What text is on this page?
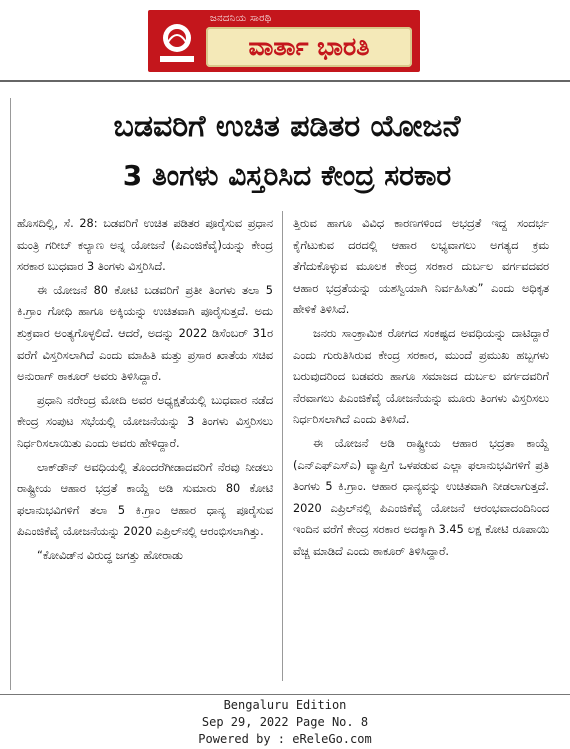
ಜನದನಿಯ ಸಾರಥಿ
ವಾರ್ತಾ ಭಾರತಿ
ಬಡವರಿಗೆ ಉಚಿತ ಪಡಿತರ ಯೋಜನೆ
3 ತಿಂಗಳು ವಿಸ್ತರಿಸಿದ ಕೇಂದ್ರ ಸರಕಾರ

ಹೊಸದಿಲ್ಲಿ, ಸೆ. 28: ಬಡವರಿಗೆ ಉಚಿತ ಪಡಿತರ ಪೂರೈಸುವ ಪ್ರಧಾನ ಮಂತ್ರಿ ಗರೀಬ್ ಕಲ್ಯಾಣ ಅನ್ನ ಯೋಜನೆ (ಪಿಎಂಜಿಕೆವೈ)ಯನ್ನು ಕೇಂದ್ರ ಸರಕಾರ ಬುಧವಾರ 3 ತಿಂಗಳು ವಿಸ್ತರಿಸಿದೆ.

ಈ ಯೋಜನೆ 80 ಕೋಟಿ ಬಡವರಿಗೆ ಪ್ರತೀ ತಿಂಗಳು ತಲಾ 5 ಕಿ.ಗ್ರಾಂ ಗೋಧಿ ಹಾಗೂ ಅಕ್ಕಿಯನ್ನು ಉಚಿತವಾಗಿ ಪೂರೈಸುತ್ತದೆ. ಅದು ಶುಕ್ರವಾರ ಅಂತ್ಯಗೊಳ್ಳಲಿದೆ. ಆದರೆ, ಅದನ್ನು 2022 ಡಿಸೆಂಬರ್ 31ರ ವರೆಗೆ ವಿಸ್ತರಿಸಲಾಗಿದೆ ಎಂದು ಮಾಹಿತಿ ಮತ್ತು ಪ್ರಸಾರ ಖಾತೆಯ ಸಚಿವ ಅನುರಾಗ್ ಠಾಕೂರ್ ಅವರು ತಿಳಿಸಿದ್ದಾರೆ.

ಪ್ರಧಾನಿ ನರೇಂದ್ರ ಮೋದಿ ಅವರ ಅಧ್ಯಕ್ಷತೆಯಲ್ಲಿ ಬುಧವಾರ ನಡೆದ ಕೇಂದ್ರ ಸಂಪುಟ ಸಭೆಯಲ್ಲಿ ಯೋಜನೆಯನ್ನು 3 ತಿಂಗಳು ವಿಸ್ತರಿಸಲು ನಿರ್ಧರಿಸಲಾಯಿತು ಎಂದು ಅವರು ಹೇಳಿದ್ದಾರೆ.

ಲಾಕ್‌ಡೌನ್ ಅವಧಿಯಲ್ಲಿ ತೊಂದರೆಗೀಡಾದವರಿಗೆ ನೆರವು ನೀಡಲು ರಾಷ್ಟ್ರೀಯ ಆಹಾರ ಭದ್ರತೆ ಕಾಯ್ದೆ ಅಡಿ ಸುಮಾರು 80 ಕೋಟಿ ಫಲಾನುಭವಿಗಳಿಗೆ ತಲಾ 5 ಕಿ.ಗ್ರಾಂ ಆಹಾರ ಧಾನ್ಯ ಪೂರೈಸುವ ಪಿಎಂಜಿಕೆವೈ ಯೋಜನೆಯನ್ನು 2020 ಎಪ್ರಿಲ್‌ನಲ್ಲಿ ಆರಂಭಿಸಲಾಗಿತ್ತು.

“ಕೋವಿಡ್‌ನ ವಿರುದ್ಧ ಜಗತ್ತು ಹೋರಾಡು

ತ್ತಿರುವ ಹಾಗೂ ವಿವಿಧ ಕಾರಣಗಳಿಂದ ಅಭದ್ರತೆ ಇದ್ದ ಸಂದರ್ಭ ಕೈಗೆಟುಕುವ ದರದಲ್ಲಿ ಆಹಾರ ಲಭ್ಯವಾಗಲು ಅಗತ್ಯದ ಕ್ರಮ ತೆಗೆದುಕೊಳ್ಳುವ ಮೂಲಕ ಕೇಂದ್ರ ಸರಕಾರ ದುರ್ಬಲ ವರ್ಗವದವರ ಆಹಾರ ಭದ್ರತೆಯನ್ನು ಯಶಸ್ವಿಯಾಗಿ ನಿರ್ವಹಿಸಿತು” ಎಂದು ಅಧಿಕೃತ ಹೇಳಿಕೆ ತಿಳಿಸಿದೆ.

ಜನರು ಸಾಂಕ್ರಾಮಿಕ ರೋಗದ ಸಂಕಷ್ಟದ ಅವಧಿಯನ್ನು ದಾಟಿದ್ದಾರೆ ಎಂದು ಗುರುತಿಸಿರುವ ಕೇಂದ್ರ ಸರಕಾರ, ಮುಂದೆ ಪ್ರಮುಖ ಹಬ್ಬಗಳು ಬರುವುದರಿಂದ ಬಡವರು ಹಾಗೂ ಸಮಾಜದ ದುರ್ಬಲ ವರ್ಗದವರಿಗೆ ನೆರವಾಗಲು ಪಿಎಂಜಿಕೆವೈ ಯೋಜನೆಯನ್ನು ಮೂರು ತಿಂಗಳು ವಿಸ್ತರಿಸಲು ನಿರ್ಧರಿಸಲಾಗಿದೆ ಎಂದು ತಿಳಿಸಿದೆ.

ಈ ಯೋಜನೆ ಅಡಿ ರಾಷ್ಟ್ರೀಯ ಆಹಾರ ಭದ್ರತಾ ಕಾಯ್ದೆ (ಎನ್‌ಎಫ್‌ಎಸ್‌ಎ) ವ್ಯಾಪ್ತಿಗೆ ಒಳಪಡುವ ಎಲ್ಲಾ ಫಲಾನುಭವಿಗಳಿಗೆ ಪ್ರತಿ ತಿಂಗಳು 5 ಕಿ.ಗ್ರಾಂ. ಆಹಾರ ಧಾನ್ಯವನ್ನು ಉಚಿತವಾಗಿ ನೀಡಲಾಗುತ್ತದೆ. 2020 ಎಪ್ರಿಲ್‌ನಲ್ಲಿ ಪಿಎಂಜಿಕೆವೈ ಯೋಜನೆ ಆರಂಭವಾದಂದಿನಿಂದ ಇಂದಿನ ವರೆಗೆ ಕೇಂದ್ರ ಸರಕಾರ ಅದಕ್ಕಾಗಿ 3.45 ಲಕ್ಷ ಕೋಟಿ ರೂಪಾಯಿ ವೆಚ್ಚ ಮಾಡಿದೆ ಎಂದು ಠಾಕೂರ್ ತಿಳಿಸಿದ್ದಾರೆ.

Bengaluru Edition
Sep 29, 2022 Page No. 8
Powered by : eReleGo.com
